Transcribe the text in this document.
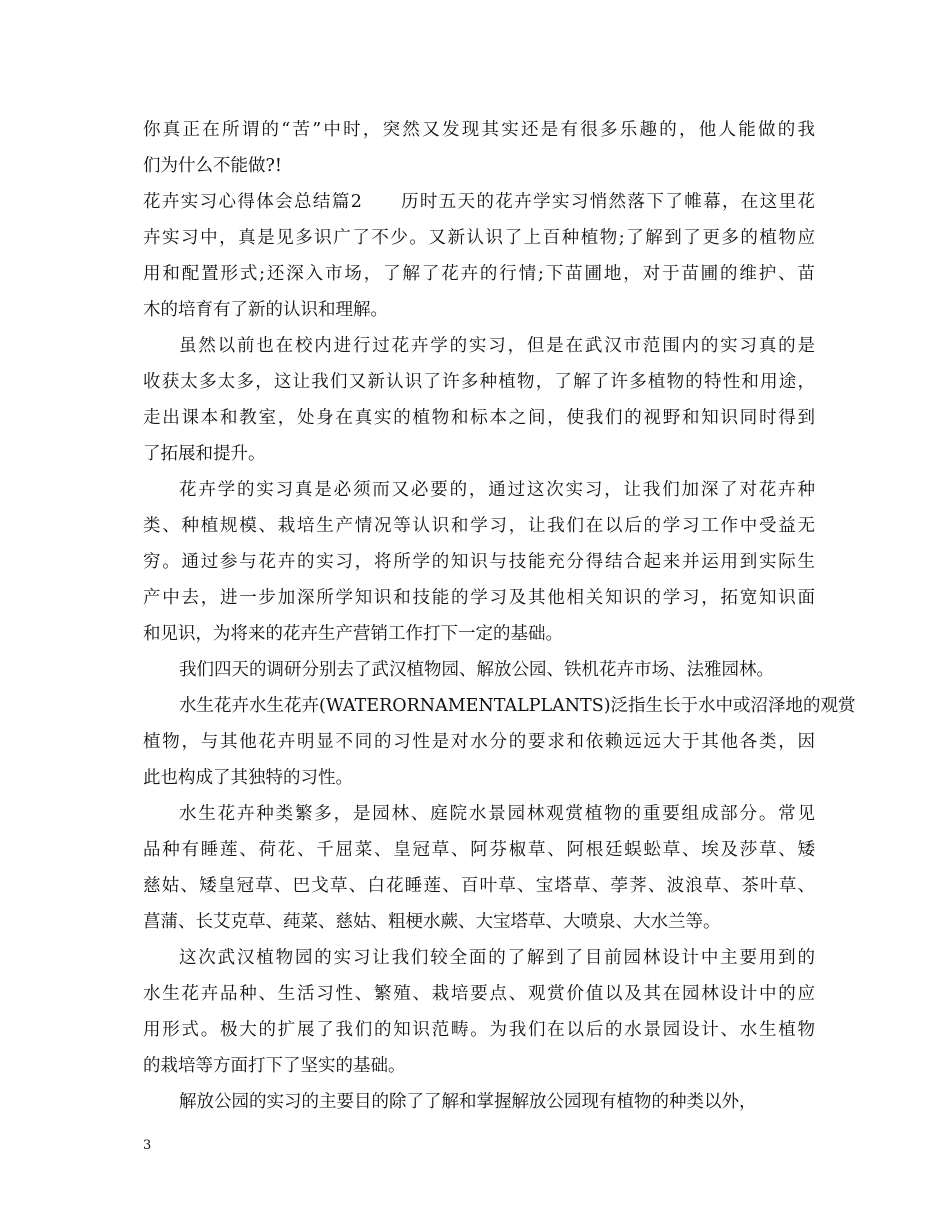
你真正在所谓的“苦”中时，突然又发现其实还是有很多乐趣的，他人能做的我
们为什么不能做?!
花卉实习心得体会总结篇2　　历时五天的花卉学实习悄然落下了帷幕，在这里花
卉实习中，真是见多识广了不少。又新认识了上百种植物;了解到了更多的植物应
用和配置形式;还深入市场，了解了花卉的行情;下苗圃地，对于苗圃的维护、苗
木的培育有了新的认识和理解。
虽然以前也在校内进行过花卉学的实习，但是在武汉市范围内的实习真的是
收获太多太多，这让我们又新认识了许多种植物，了解了许多植物的特性和用途，
走出课本和教室，处身在真实的植物和标本之间，使我们的视野和知识同时得到
了拓展和提升。
花卉学的实习真是必须而又必要的，通过这次实习，让我们加深了对花卉种
类、种植规模、栽培生产情况等认识和学习，让我们在以后的学习工作中受益无
穷。通过参与花卉的实习，将所学的知识与技能充分得结合起来并运用到实际生
产中去，进一步加深所学知识和技能的学习及其他相关知识的学习，拓宽知识面
和见识，为将来的花卉生产营销工作打下一定的基础。
我们四天的调研分别去了武汉植物园、解放公园、铁机花卉市场、法雅园林。
水生花卉水生花卉(WATERORNAMENTALPLANTS)泛指生长于水中或沼泽地的观赏
植物，与其他花卉明显不同的习性是对水分的要求和依赖远远大于其他各类，因
此也构成了其独特的习性。
水生花卉种类繁多，是园林、庭院水景园林观赏植物的重要组成部分。常见
品种有睡莲、荷花、千屈菜、皇冠草、阿芬椒草、阿根廷蜈蚣草、埃及莎草、矮
慈姑、矮皇冠草、巴戈草、白花睡莲、百叶草、宝塔草、荸荠、波浪草、茶叶草、
菖蒲、长艾克草、莼菜、慈姑、粗梗水蕨、大宝塔草、大喷泉、大水兰等。
这次武汉植物园的实习让我们较全面的了解到了目前园林设计中主要用到的
水生花卉品种、生活习性、繁殖、栽培要点、观赏价值以及其在园林设计中的应
用形式。极大的扩展了我们的知识范畴。为我们在以后的水景园设计、水生植物
的栽培等方面打下了坚实的基础。
解放公园的实习的主要目的除了了解和掌握解放公园现有植物的种类以外，
3
